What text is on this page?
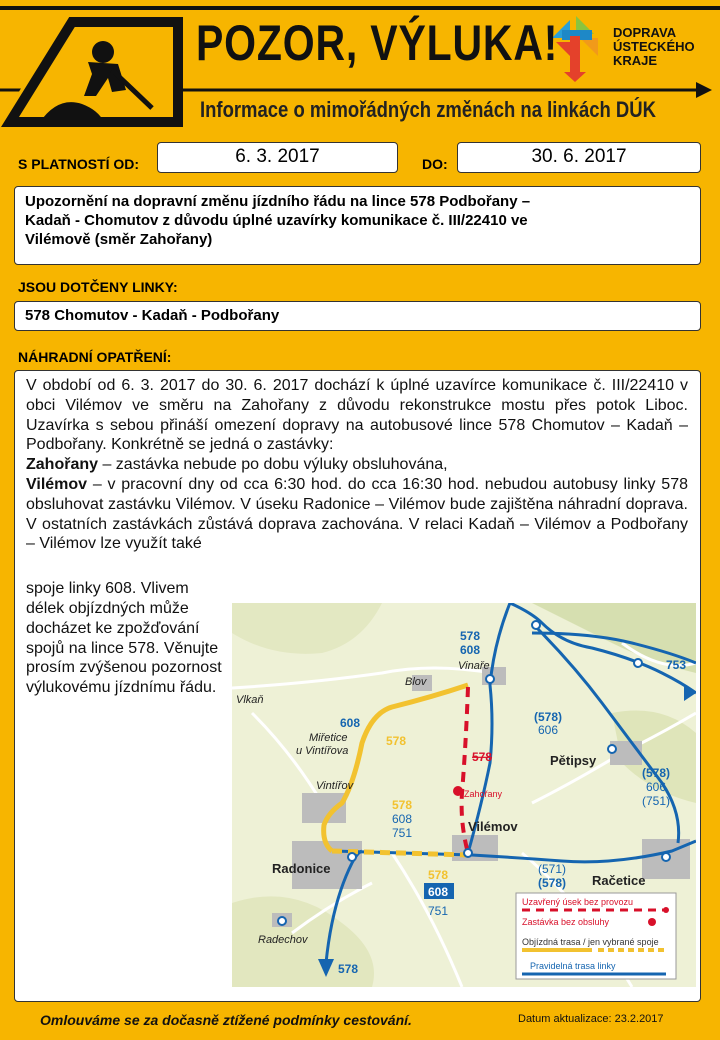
POZOR, VÝLUKA!	DOPRAVA
ÚSTECKÉHO
KRAJE
Informace o mimořádných změnách na linkách DÚK
S PLATNOSTÍ OD:	6. 3. 2017	DO:	30. 6. 2017
Upozornění na dopravní změnu jízdního řádu na lince 578 Podbořany –
Kadaň - Chomutov z důvodu úplné uzavírky komunikace č. III/22410 ve
Vilémově (směr Zahořany)
JSOU DOTČENY LINKY:
578 Chomutov - Kadaň - Podbořany
NÁHRADNÍ OPATŘENÍ:
V období od 6. 3. 2017 do 30. 6. 2017 dochází k úplné uzavírce komunikace č. III/22410 v obci Vilémov ve směru na Zahořany z důvodu rekonstrukce mostu přes potok Liboc. Uzavírka s sebou přináší omezení dopravy na autobusové lince 578 Chomutov – Kadaň – Podbořany. Konkrétně se jedná o zastávky:
Zahořany – zastávka nebude po dobu výluky obsluhována,
Vilémov – v pracovní dny od cca 6:30 hod. do cca 16:30 hod. nebudou autobusy linky 578 obsluhovat zastávku Vilémov. V úseku Radonice – Vilémov bude zajištěna náhradní doprava. V ostatních zastávkách zůstává doprava zachována. V relaci Kadaň – Vilémov a Podbořany – Vilémov lze využít také
spoje linky 608. Vlivem
délek objízdných může docházet ke zpožďování spojů na lince 578. Věnujte prosím zvýšenou pozornost výlukovému jízdnímu řádu.
Vinaře
Blov
Vlkaň
Miřetice
u Vintířova
Vintířov
Radechov
Radonice
Vilémov
Pětipsy
Račetice
Zahořany
578
608
753
608
578
578
(578)
606
(578)
606
(751)
578
608
751
578
608
751
(571)
(578)
578
Uzavřený úsek bez provozu
Zastávka bez obsluhy
Objízdná trasa / jen vybrané spoje
Pravidelná trasa linky
Omlouváme se za dočasně ztížené podmínky cestování.	Datum aktualizace: 23.2.2017
